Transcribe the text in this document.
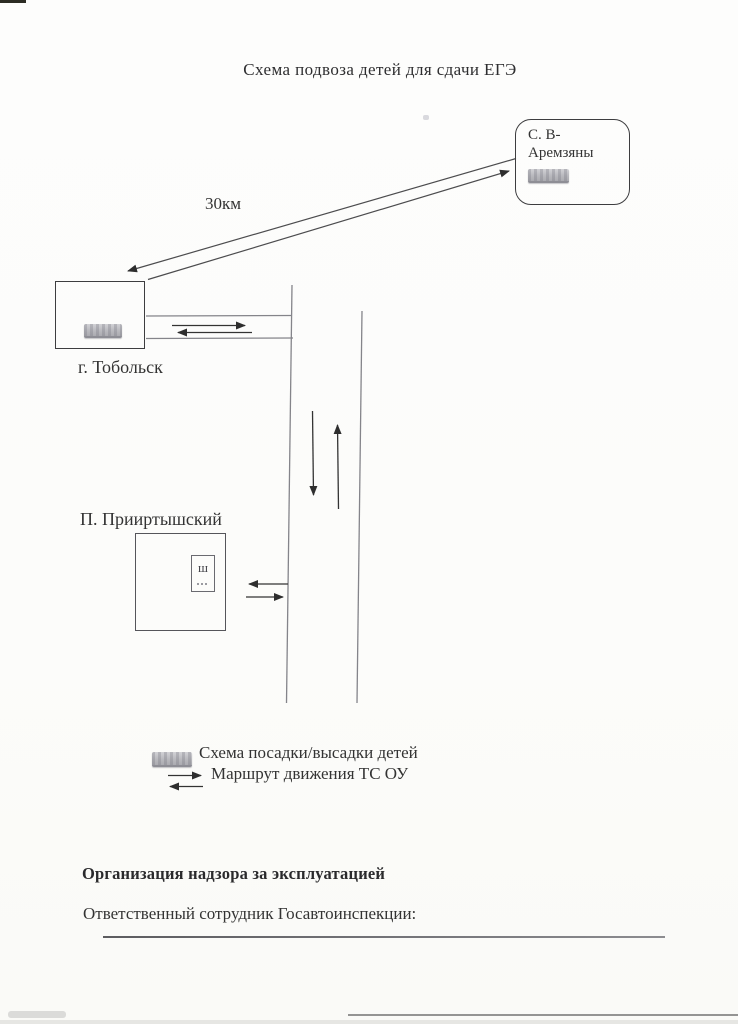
Схема подвоза детей для сдачи ЕГЭ
30км
С. В-
Аремзяны
г. Тобольск
П. Прииртышский
ш
Схема посадки/высадки детей
Маршрут движения ТС ОУ
Организация надзора за эксплуатацией
Ответственный сотрудник Госавтоинспекции:
